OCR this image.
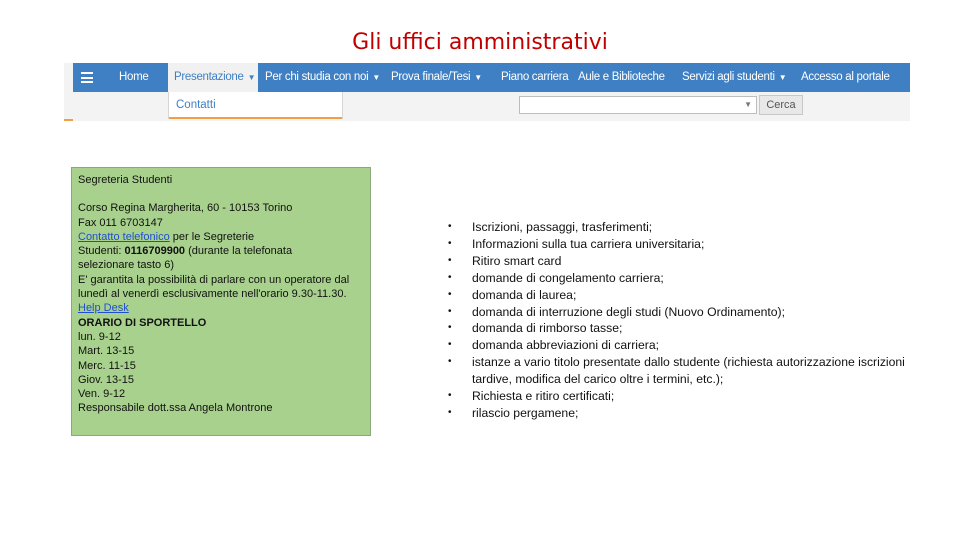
Gli uffici amministrativi
Home	Presentazione ▼ Per chi studia con noi ▼ Prova finale/Tesi ▼	Piano carriera Aule e Biblioteche	Servizi agli studenti ▼	Accesso al portale
Contatti	▼	Cerca

Segreteria Studenti

Corso Regina Margherita, 60 - 10153 Torino

Fax 011 6703147

Contatto telefonico per le Segreterie

Studenti: 0116709900 (durante la telefonata

selezionare tasto 6)

E' garantita la possibilità di parlare con un operatore dal lunedì al venerdì esclusivamente nell'orario 9.30-11.30.

Help Desk

ORARIO DI SPORTELLO

lun. 9-12

Mart. 13-15

Merc. 11-15

Giov. 13-15

Ven. 9-12

Responsabile dott.ssa Angela Montrone

• Iscrizioni, passaggi, trasferimenti;
• Informazioni sulla tua carriera universitaria;
• Ritiro smart card
• domande di congelamento carriera;
• domanda di laurea;
• domanda di interruzione degli studi (Nuovo Ordinamento);
• domanda di rimborso tasse;
• domanda abbreviazioni di carriera;
• istanze a vario titolo presentate dallo studente (richiesta autorizzazione iscrizioni tardive, modifica del carico oltre i termini, etc.);
• Richiesta e ritiro certificati;
• rilascio pergamene;
